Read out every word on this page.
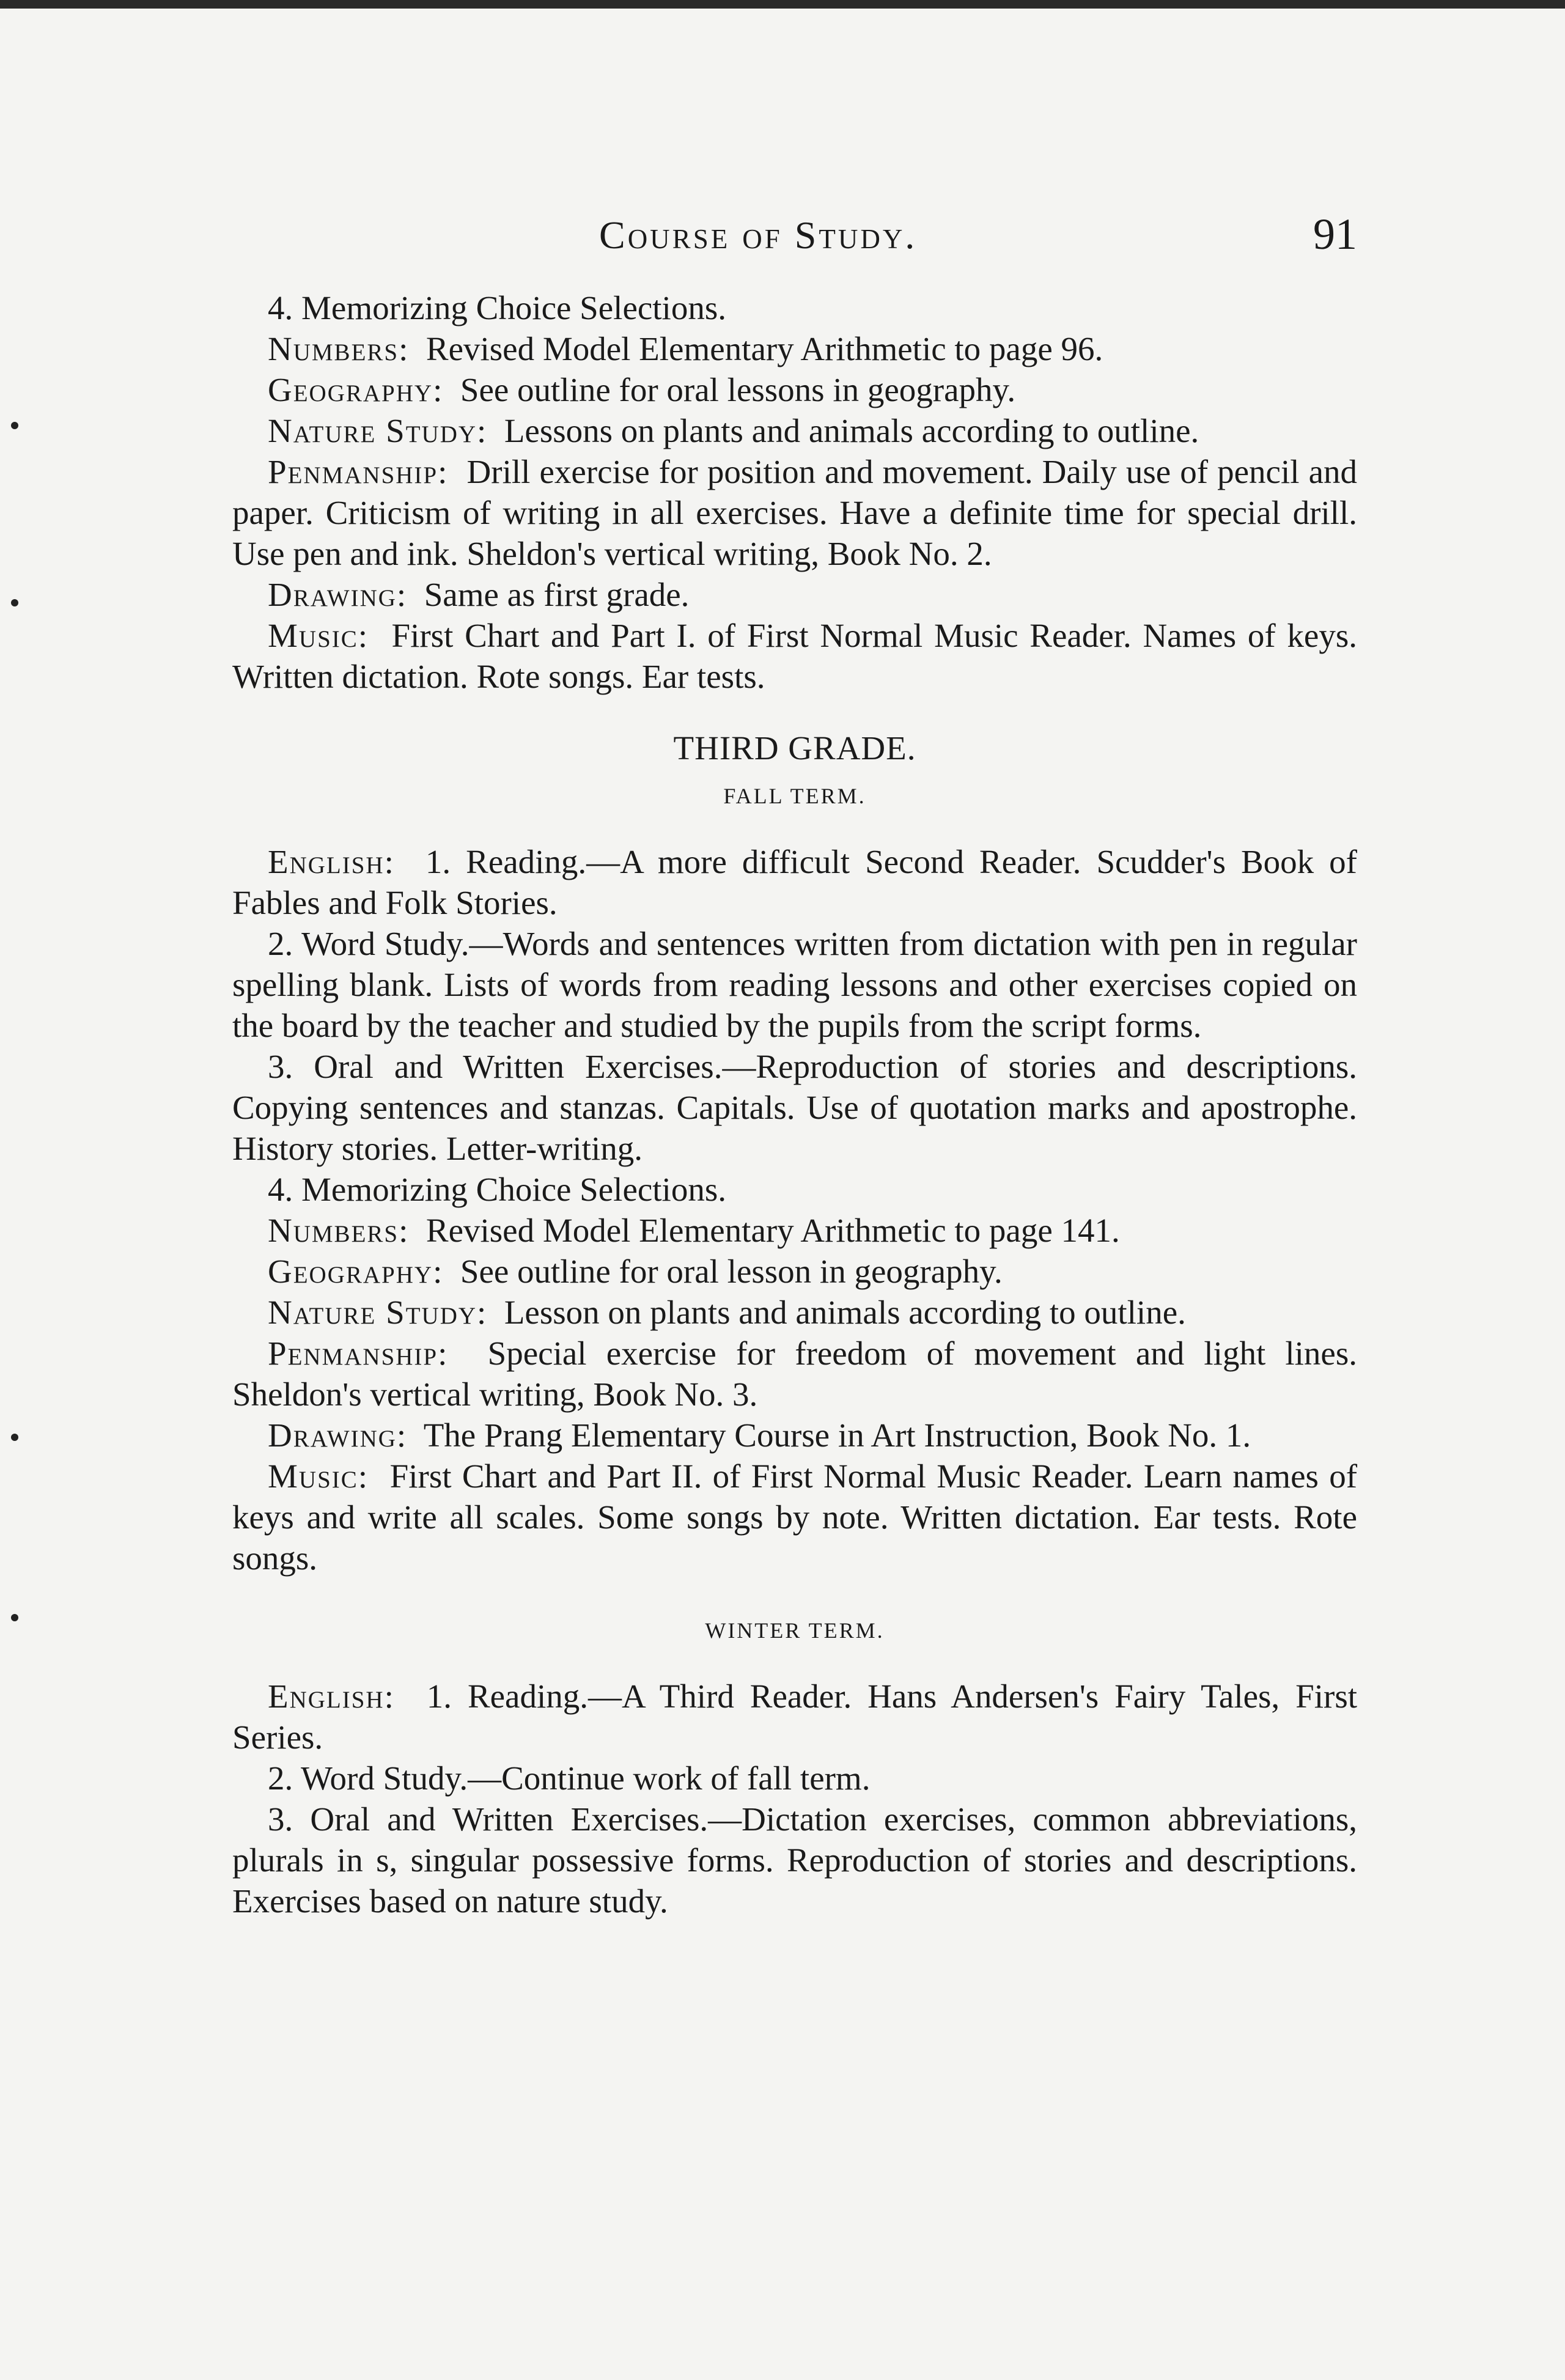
Course of Study.	91

4. Memorizing Choice Selections.

Numbers: Revised Model Elementary Arithmetic to page 96.

Geography: See outline for oral lessons in geography.

Nature Study: Lessons on plants and animals according to outline.

Penmanship: Drill exercise for position and movement. Daily use of pencil and paper. Criticism of writing in all exercises. Have a definite time for special drill. Use pen and ink. Sheldon's vertical writing, Book No. 2.

Drawing: Same as first grade.

Music: First Chart and Part I. of First Normal Music Reader. Names of keys. Written dictation. Rote songs. Ear tests.

THIRD GRADE.

FALL TERM.

English: 1. Reading.—A more difficult Second Reader. Scudder's Book of Fables and Folk Stories.

2. Word Study.—Words and sentences written from dictation with pen in regular spelling blank. Lists of words from reading lessons and other exercises copied on the board by the teacher and studied by the pupils from the script forms.

3. Oral and Written Exercises.—Reproduction of stories and descriptions. Copying sentences and stanzas. Capitals. Use of quotation marks and apostrophe. History stories. Letter-writing.

4. Memorizing Choice Selections.

Numbers: Revised Model Elementary Arithmetic to page 141.

Geography: See outline for oral lesson in geography.

Nature Study: Lesson on plants and animals according to outline.

Penmanship: Special exercise for freedom of movement and light lines. Sheldon's vertical writing, Book No. 3.

Drawing: The Prang Elementary Course in Art Instruction, Book No. 1.

Music: First Chart and Part II. of First Normal Music Reader. Learn names of keys and write all scales. Some songs by note. Written dictation. Ear tests. Rote songs.

WINTER TERM.

English: 1. Reading.—A Third Reader. Hans Andersen's Fairy Tales, First Series.

2. Word Study.—Continue work of fall term.

3. Oral and Written Exercises.—Dictation exercises, common abbreviations, plurals in s, singular possessive forms. Reproduction of stories and descriptions. Exercises based on nature study.
